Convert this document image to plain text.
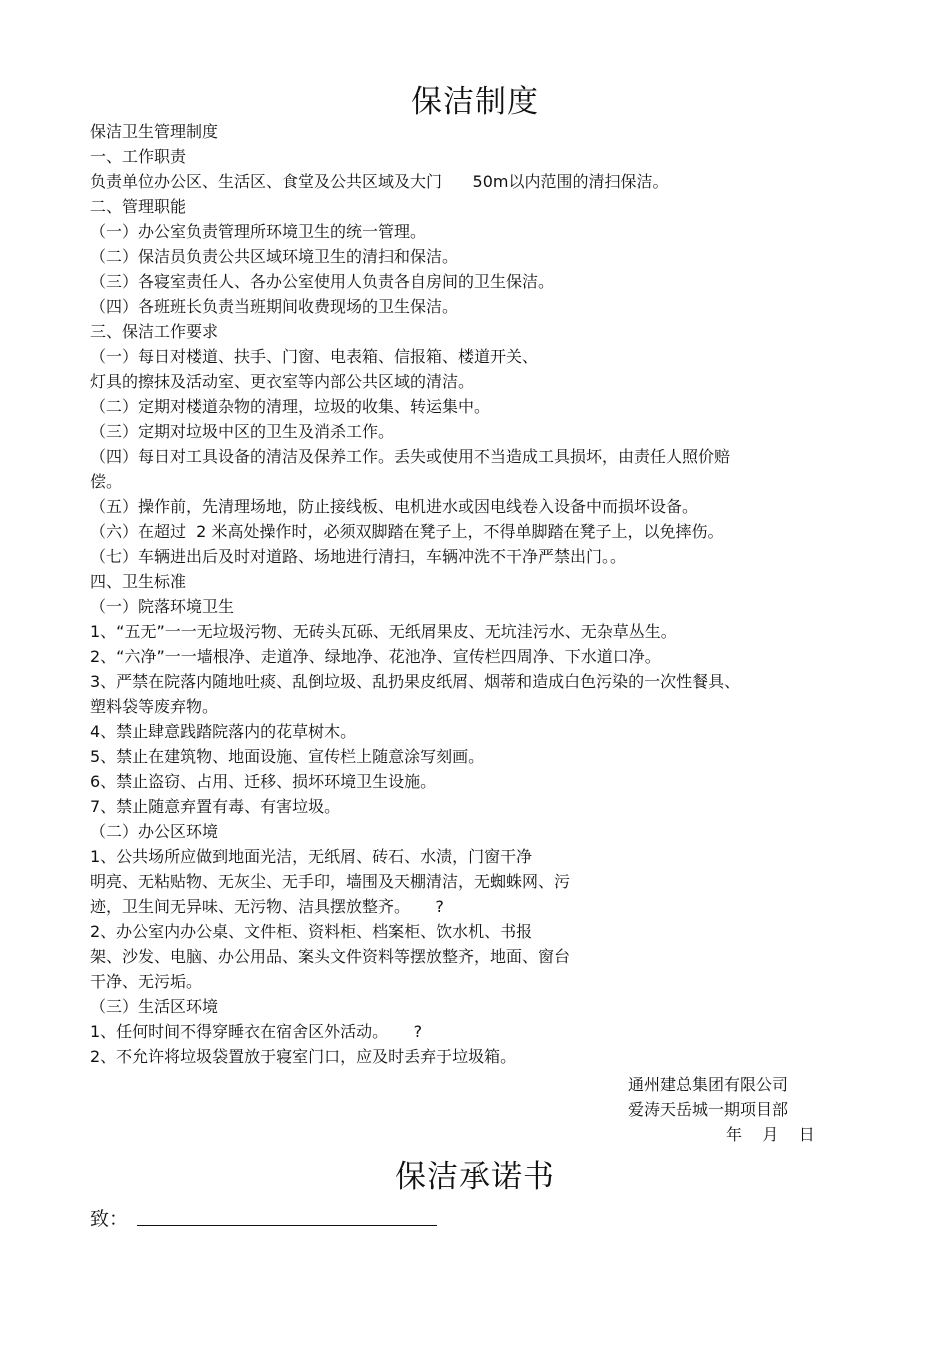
保洁制度
保洁卫生管理制度
一、工作职责
负责单位办公区、生活区、食堂及公共区域及大门      50m以内范围的清扫保洁。
二、管理职能
（一）办公室负责管理所环境卫生的统一管理。
（二）保洁员负责公共区域环境卫生的清扫和保洁。
（三）各寝室责任人、各办公室使用人负责各自房间的卫生保洁。
（四）各班班长负责当班期间收费现场的卫生保洁。
三、保洁工作要求
（一）每日对楼道、扶手、门窗、电表箱、信报箱、楼道开关、
灯具的擦抹及活动室、更衣室等内部公共区域的清洁。
（二）定期对楼道杂物的清理，垃圾的收集、转运集中。
（三）定期对垃圾中区的卫生及消杀工作。
（四）每日对工具设备的清洁及保养工作。丢失或使用不当造成工具损坏，由责任人照价赔
偿。
（五）操作前，先清理场地，防止接线板、电机进水或因电线卷入设备中而损坏设备。
（六）在超过  2 米高处操作时，必须双脚踏在凳子上，不得单脚踏在凳子上，以免摔伤。
（七）车辆进出后及时对道路、场地进行清扫，车辆冲洗不干净严禁出门。。
四、卫生标准
（一）院落环境卫生
1、“五无”一一无垃圾污物、无砖头瓦砾、无纸屑果皮、无坑洼污水、无杂草丛生。
2、“六净”一一墙根净、走道净、绿地净、花池净、宣传栏四周净、下水道口净。
3、严禁在院落内随地吐痰、乱倒垃圾、乱扔果皮纸屑、烟蒂和造成白色污染的一次性餐具、
塑料袋等废弃物。
4、禁止肆意践踏院落内的花草树木。
5、禁止在建筑物、地面设施、宣传栏上随意涂写刻画。
6、禁止盗窃、占用、迁移、损坏环境卫生设施。
7、禁止随意弃置有毒、有害垃圾。
（二）办公区环境
1、公共场所应做到地面光洁，无纸屑、砖石、水渍，门窗干净
明亮、无粘贴物、无灰尘、无手印，墙围及天棚清洁，无蜘蛛网、污
迹，卫生间无异味、无污物、洁具摆放整齐。     ?
2、办公室内办公桌、文件柜、资料柜、档案柜、饮水机、书报
架、沙发、电脑、办公用品、案头文件资料等摆放整齐，地面、窗台
干净、无污垢。
（三）生活区环境
1、任何时间不得穿睡衣在宿舍区外活动。     ?
2、不允许将垃圾袋置放于寝室门口，应及时丢弃于垃圾箱。
通州建总集团有限公司
爱涛天岳城一期项目部
年    月    日
保洁承诺书
致：
